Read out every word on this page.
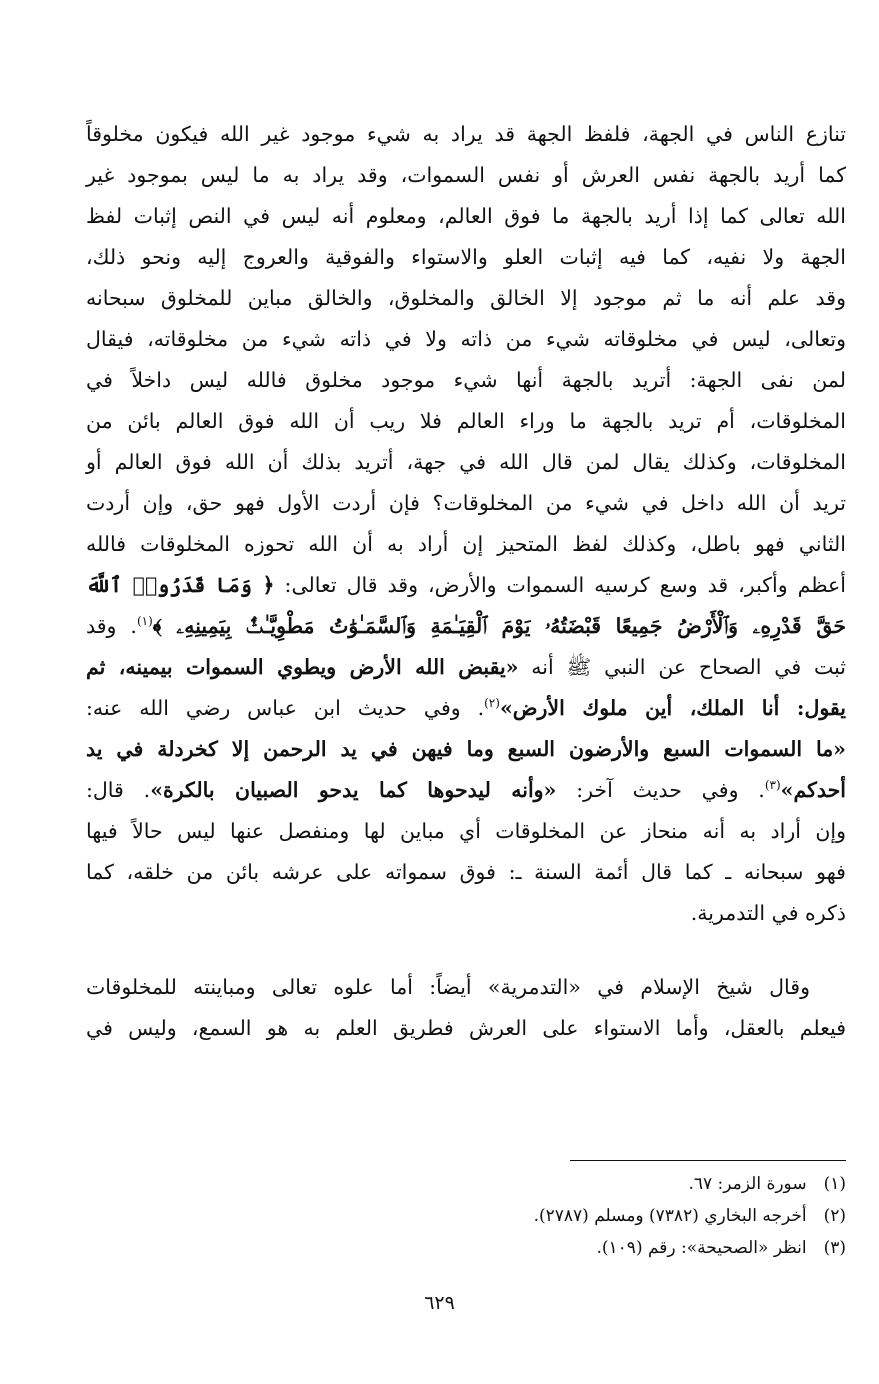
تنازع الناس في الجهة، فلفظ الجهة قد يراد به شيء موجود غير الله فيكون مخلوقاً
كما أريد بالجهة نفس العرش أو نفس السموات، وقد يراد به ما ليس بموجود غير
الله تعالى كما إذا أريد بالجهة ما فوق العالم، ومعلوم أنه ليس في النص إثبات لفظ
الجهة ولا نفيه، كما فيه إثبات العلو والاستواء والفوقية والعروج إليه ونحو ذلك،
وقد علم أنه ما ثم موجود إلا الخالق والمخلوق، والخالق مباين للمخلوق سبحانه
وتعالى، ليس في مخلوقاته شيء من ذاته ولا في ذاته شيء من مخلوقاته، فيقال
لمن نفى الجهة: أتريد بالجهة أنها شيء موجود مخلوق فالله ليس داخلاً في
المخلوقات، أم تريد بالجهة ما وراء العالم فلا ريب أن الله فوق العالم بائن من
المخلوقات، وكذلك يقال لمن قال الله في جهة، أتريد بذلك أن الله فوق العالم أو
تريد أن الله داخل في شيء من المخلوقات؟ فإن أردت الأول فهو حق، وإن أردت
الثاني فهو باطل، وكذلك لفظ المتحيز إن أراد به أن الله تحوزه المخلوقات فالله
أعظم وأكبر، قد وسع كرسيه السموات والأرض، وقد قال تعالى: ﴿ وَمَا قَدَرُوا۟ ٱللَّهَ
حَقَّ قَدْرِهِۦ وَٱلْأَرْضُ جَمِيعًا قَبْضَتُهُۥ يَوْمَ ٱلْقِيَـٰمَةِ وَٱلسَّمَـٰوَٰتُ مَطْوِيَّـٰتٌۢ بِيَمِينِهِۦ ﴾$^{(١)}$. وقد
ثبت في الصحاح عن النبي ﷺ أنه «يقبض الله الأرض ويطوي السموات بيمينه، ثم
يقول: أنا الملك، أين ملوك الأرض»$^{(٢)}$. وفي حديث ابن عباس رضي الله عنه:
«ما السموات السبع والأرضون السبع وما فيهن في يد الرحمن إلا كخردلة في يد
أحدكم»$^{(٣)}$. وفي حديث آخر: «وأنه ليدحوها كما يدحو الصبيان بالكرة». قال:
وإن أراد به أنه منحاز عن المخلوقات أي مباين لها ومنفصل عنها ليس حالاً فيها
فهو سبحانه ـ كما قال أئمة السنة ـ: فوق سمواته على عرشه بائن من خلقه، كما
ذكره في التدمرية.
وقال شيخ الإسلام في «التدمرية» أيضاً: أما علوه تعالى ومباينته للمخلوقات
فيعلم بالعقل، وأما الاستواء على العرش فطريق العلم به هو السمع، وليس في
(١) سورة الزمر: ٦٧.
(٢) أخرجه البخاري (٧٣٨٢) ومسلم (٢٧٨٧).
(٣) انظر «الصحيحة»: رقم (١٠٩).
٦٢٩
